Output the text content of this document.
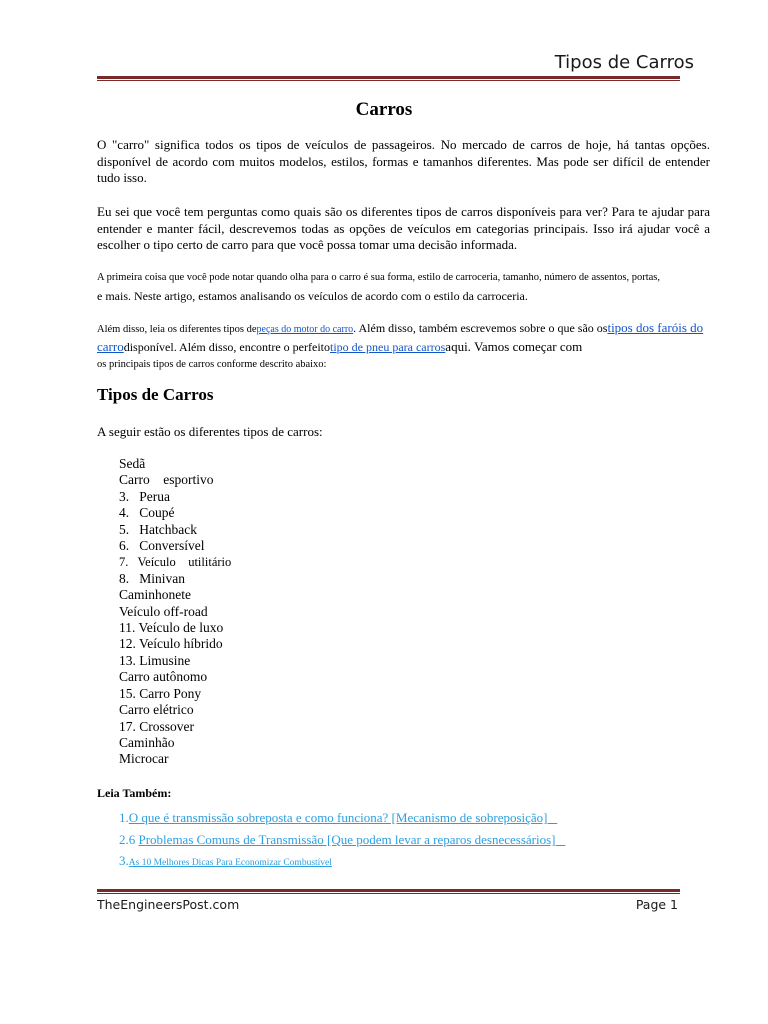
Tipos de Carros
Carros
O "carro" significa todos os tipos de veículos de passageiros. No mercado de carros de hoje, há tantas opções. disponível de acordo com muitos modelos, estilos, formas e tamanhos diferentes. Mas pode ser difícil de entender tudo isso.
Eu sei que você tem perguntas como quais são os diferentes tipos de carros disponíveis para ver? Para te ajudar para entender e manter fácil, descrevemos todas as opções de veículos em categorias principais. Isso irá ajudar você a escolher o tipo certo de carro para que você possa tomar uma decisão informada.
A primeira coisa que você pode notar quando olha para o carro é sua forma, estilo de carroceria, tamanho, número de assentos, portas,
e mais. Neste artigo, estamos analisando os veículos de acordo com o estilo da carroceria.
Além disso, leia os diferentes tipos depeças do motor do carro. Além disso, também escrevemos sobre o que são ostipos dos faróis do carrodisponível. Além disso, encontre o perfeitotipo de pneu para carrosaqui. Vamos começar com
os principais tipos de carros conforme descrito abaixo:
Tipos de Carros
A seguir estão os diferentes tipos de carros:
Sedã
Carro    esportivo
3.   Perua
4.   Coupé
5.   Hatchback
6.   Conversível
7.   Veículo    utilitário
8.   Minivan
Caminhonete
Veículo off-road
11. Veículo de luxo
12. Veículo híbrido
13. Limusine
Carro autônomo
15. Carro Pony
Carro elétrico
17. Crossover
Caminhão
Microcar
Leia Também:
1.O que é transmissão sobreposta e como funciona? [Mecanismo de sobreposição]
2.6 Problemas Comuns de Transmissão [Que podem levar a reparos desnecessários]
3.As 10 Melhores Dicas Para Economizar Combustível
TheEngineersPost.com	Page 1
